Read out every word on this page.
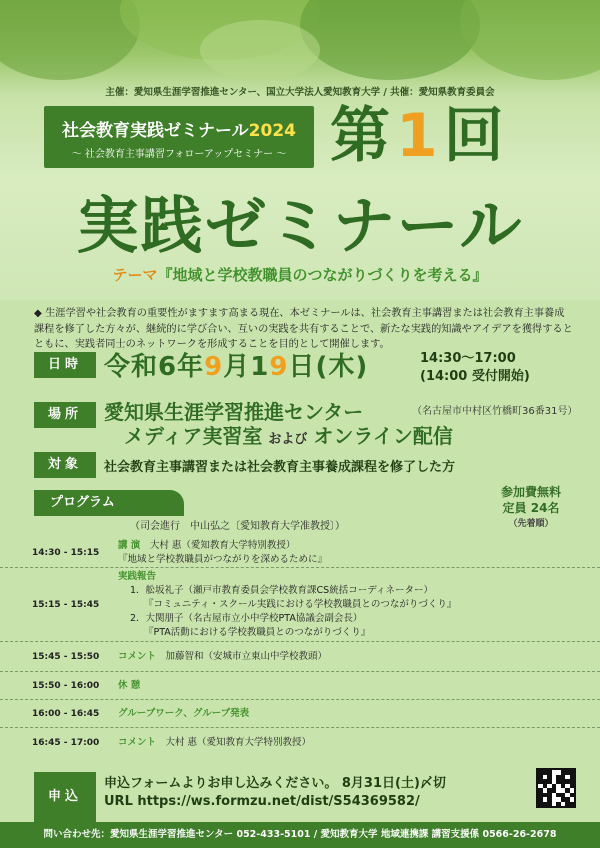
主催：愛知県生涯学習推進センター、国立大学法人愛知教育大学 / 共催：愛知県教育委員会
社会教育実践ゼミナール2024
～ 社会教育主事講習フォローアップセミナー ～ 第1回
実践ゼミナール
テーマ『地域と学校教職員のつながりづくりを考える』
◆ 生涯学習や社会教育の重要性がますます高まる現在、本ゼミナールは、社会教育主事講習または社会教育主事養成課程を修了した方々が、継続的に学び合い、互いの実践を共有することで、新たな実践的知識やアイデアを獲得するとともに、実践者同士のネットワークを形成することを目的として開催します。
日時 令和6年9月19日(木)	14:30～17:00
(14:00 受付開始)
場所	愛知県生涯学習推進センター	（名古屋市中村区竹橋町36番31号）
メディア実習室 および オンライン配信
対象	社会教育主事講習または社会教育主事養成課程を修了した方
プログラム
参加費無料
定員 24名
（先着順）
（司会進行　中山弘之〔愛知教育大学准教授〕）
14:30 - 15:15
講 演　大村 惠（愛知教育大学特別教授）
『地域と学校教職員がつながりを深めるために』
15:15 - 15:45
実践報告
1．舩坂礼子（瀬戸市教育委員会学校教育課CS統括コーディネーター）
『コミュニティ・スクール実践における学校教職員とのつながりづくり』
2．大関朋子（名古屋市立小中学校PTA協議会副会長）
『PTA活動における学校教職員とのつながりづくり』
15:45 - 15:50	コメント　加藤智和（安城市立東山中学校教頭）
15:50 - 16:00	休 憩
16:00 - 16:45	グループワーク、グループ発表
16:45 - 17:00	コメント　大村 惠（愛知教育大学特別教授）
申込
申込フォームよりお申し込みください。 8月31日(土)〆切
URL https://ws.formzu.net/dist/S54369582/
問い合わせ先：愛知県生涯学習推進センター 052-433-5101 / 愛知教育大学 地域連携課 講習支援係 0566-26-2678
